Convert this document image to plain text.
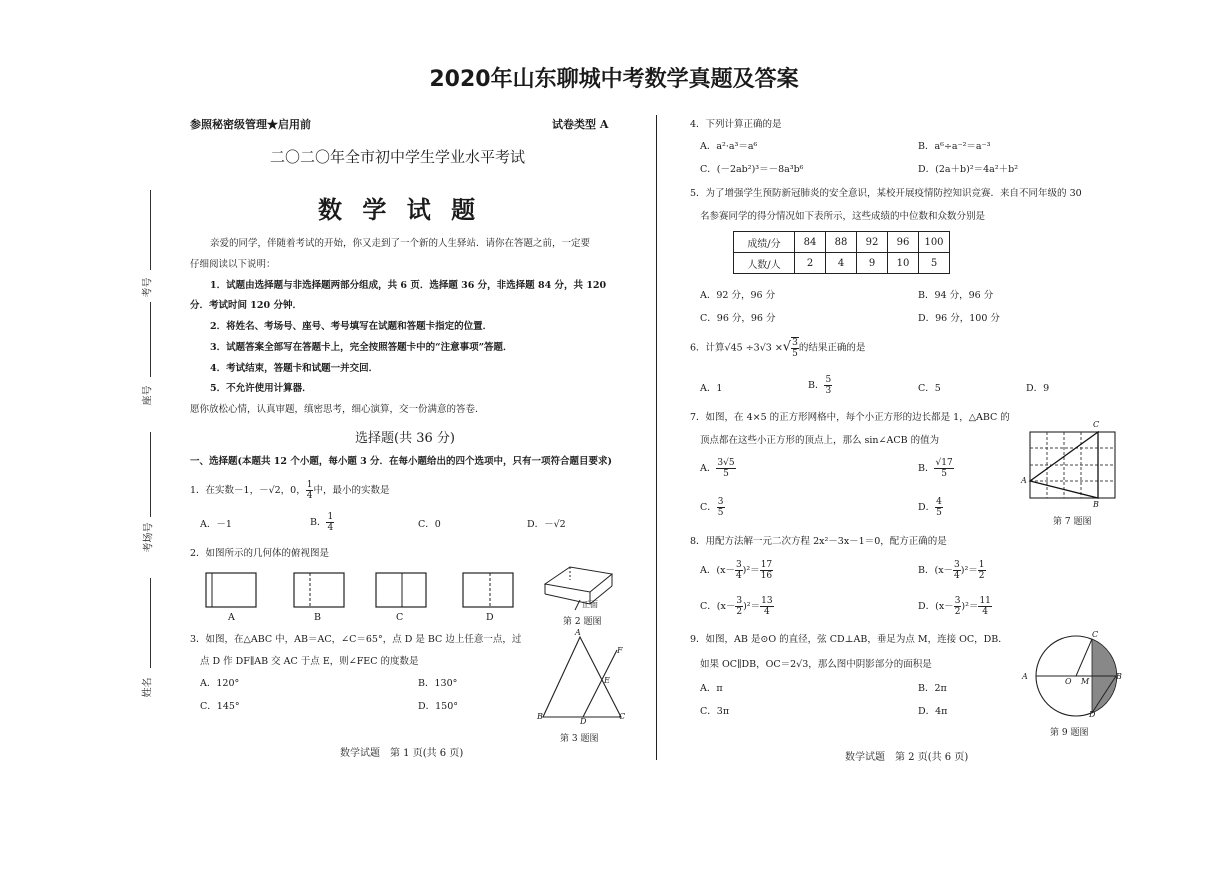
2020年山东聊城中考数学真题及答案
参照秘密级管理★启用前	试卷类型 A
二〇二〇年全市初中学生学业水平考试
数 学 试 题
亲爱的同学，伴随着考试的开始，你又走到了一个新的人生驿站．请你在答题之前，一定要
仔细阅读以下说明：
1．试题由选择题与非选择题两部分组成，共 6 页．选择题 36 分，非选择题 84 分，共 120
分．考试时间 120 分钟．
2．将姓名、考场号、座号、考号填写在试题和答题卡指定的位置．
3．试题答案全部写在答题卡上，完全按照答题卡中的“注意事项”答题．
4．考试结束，答题卡和试题一并交回．
5．不允许使用计算器．
愿你放松心情，认真审题，缜密思考，细心演算，交一份满意的答卷．
选择题(共 36 分)
一、选择题(本题共 12 个小题，每小题 3 分．在每小题给出的四个选项中，只有一项符合题目要求)
1．在实数－1，－√2，0， $\frac{1}{4}$ 中，最小的实数是
A．－1	B． $\frac{1}{4}$	C．0	D．－√2
2．如图所示的几何体的俯视图是
A	B	C	D
正面
第 2 题图
3．如图，在△ABC 中，AB＝AC，∠C＝65°，点 D 是 BC 边上任意一点，过
点 D 作 DF∥AB 交 AC 于点 E，则∠FEC 的度数是
A．120°	B．130°
C．145°	D．150°
A
B	C
D
E
F
第 3 题图
数学试题　第 1 页(共 6 页)
考号
座号
考场号
姓名
4．下列计算正确的是
A．a²·a³＝a⁶	B．a⁶÷a⁻²＝a⁻³
C．(－2ab²)³＝－8a³b⁶	D．(2a＋b)²＝4a²＋b²
5．为了增强学生预防新冠肺炎的安全意识，某校开展疫情防控知识竞赛．来自不同年级的 30
名参赛同学的得分情况如下表所示，这些成绩的中位数和众数分别是
成绩/分	84	88	92	96	100
人数/人	2	4	9	10	5
A．92 分，96 分	B．94 分，96 分
C．96 分，96 分	D．96 分，100 分
6．计算√45 ÷3√3 ×√ $\frac{3}{5}$ 的结果正确的是
A．1	B． $\frac{5}{3}$	C．5	D．9
7．如图，在 4×5 的正方形网格中，每个小正方形的边长都是 1，△ABC 的
顶点都在这些小正方形的顶点上，那么 sin∠ACB 的值为
A． $\frac{3√5}{5}$	B． $\frac{√17}{5}$
C． $\frac{3}{5}$	D． $\frac{4}{5}$
C
A
B
第 7 题图
8．用配方法解一元二次方程 2x²－3x－1＝0，配方正确的是
A．$(x- \frac{3}{4} )^2= \frac{17}{16}$	B．$(x- \frac{3}{4} )^2= \frac{1}{2}$
C．$(x- \frac{3}{2} )^2= \frac{13}{4}$	D．$(x- \frac{3}{2} )^2= \frac{11}{4}$
9．如图，AB 是⊙O 的直径，弦 CD⊥AB，垂足为点 M，连接 OC，DB．
如果 OC∥DB，OC＝2√3，那么图中阴影部分的面积是
A．π	B．2π
C．3π	D．4π
A	B
C
D
O M
第 9 题图
数学试题　第 2 页(共 6 页)
